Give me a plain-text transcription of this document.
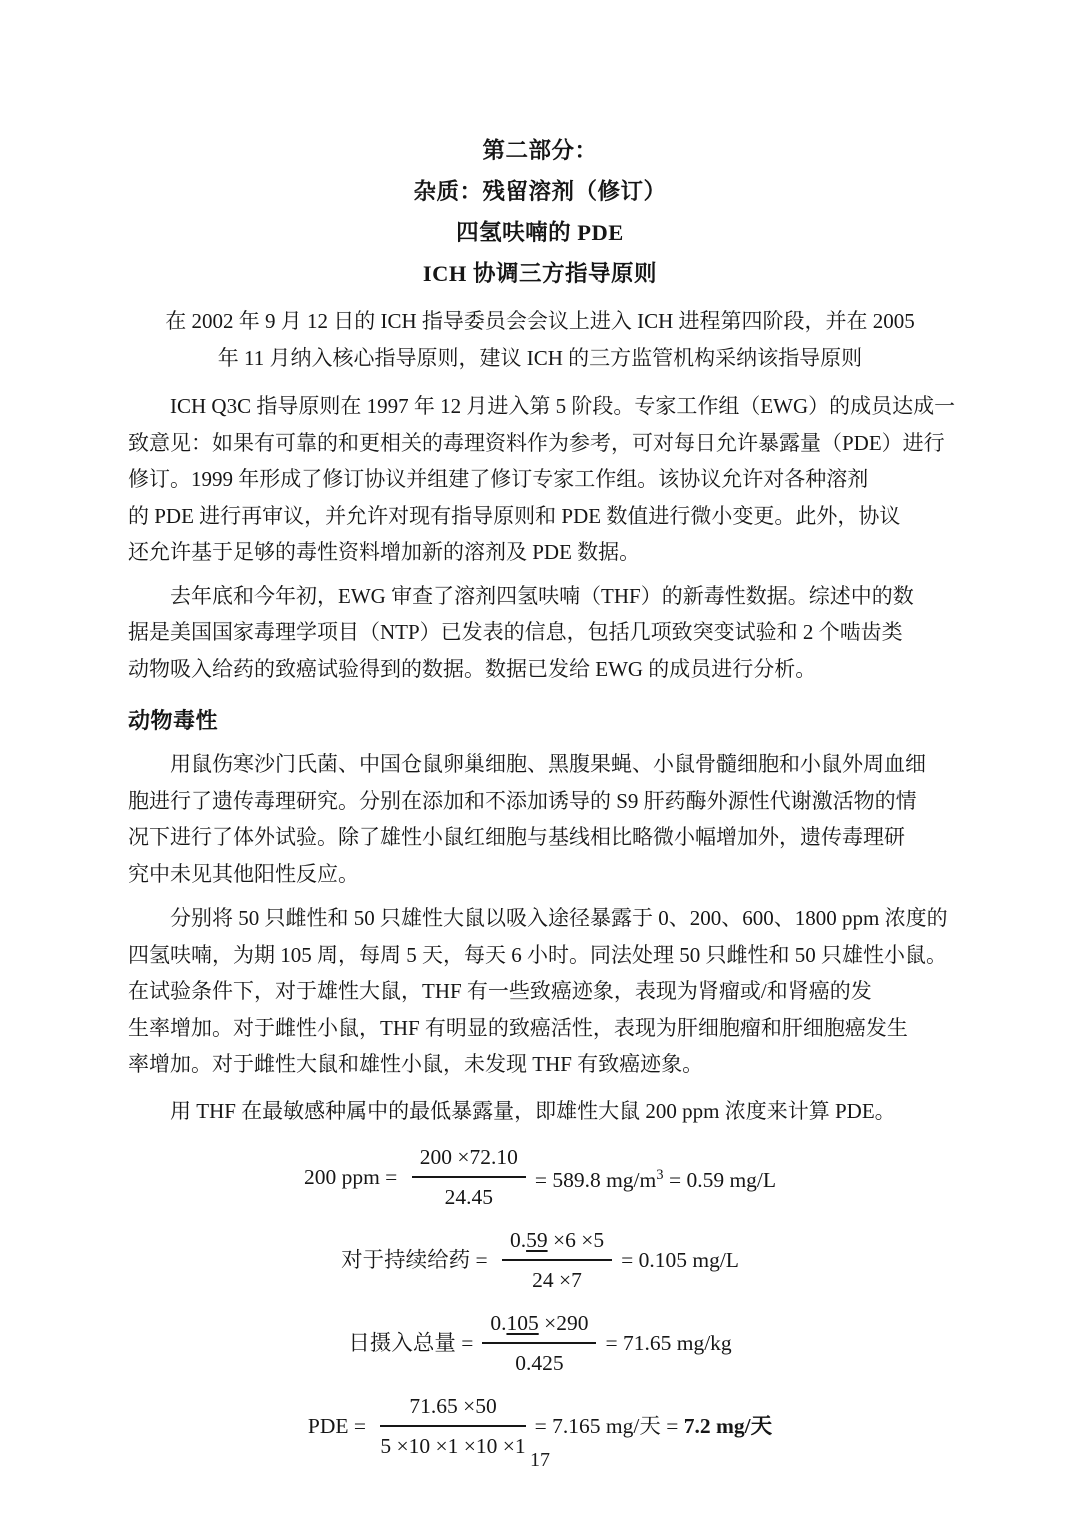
第二部分：
杂质：残留溶剂（修订）
四氢呋喃的 PDE
ICH 协调三方指导原则
在 2002 年 9 月 12 日的 ICH 指导委员会会议上进入 ICH 进程第四阶段，并在 2005
年 11 月纳入核心指导原则，建议 ICH 的三方监管机构采纳该指导原则
ICH Q3C 指导原则在 1997 年 12 月进入第 5 阶段。专家工作组（EWG）的成员达成一
致意见：如果有可靠的和更相关的毒理资料作为参考，可对每日允许暴露量（PDE）进行
修订。1999 年形成了修订协议并组建了修订专家工作组。该协议允许对各种溶剂
的 PDE 进行再审议，并允许对现有指导原则和 PDE 数值进行微小变更。此外，协议
还允许基于足够的毒性资料增加新的溶剂及 PDE 数据。
去年底和今年初，EWG 审查了溶剂四氢呋喃（THF）的新毒性数据。综述中的数
据是美国国家毒理学项目（NTP）已发表的信息，包括几项致突变试验和 2 个啮齿类
动物吸入给药的致癌试验得到的数据。数据已发给 EWG 的成员进行分析。
动物毒性
用鼠伤寒沙门氏菌、中国仓鼠卵巢细胞、黑腹果蝇、小鼠骨髓细胞和小鼠外周血细
胞进行了遗传毒理研究。分别在添加和不添加诱导的 S9 肝药酶外源性代谢激活物的情
况下进行了体外试验。除了雄性小鼠红细胞与基线相比略微小幅增加外，遗传毒理研
究中未见其他阳性反应。
分别将 50 只雌性和 50 只雄性大鼠以吸入途径暴露于 0、200、600、1800 ppm 浓度的
四氢呋喃，为期 105 周，每周 5 天，每天 6 小时。同法处理 50 只雌性和 50 只雄性小鼠。
在试验条件下，对于雄性大鼠，THF 有一些致癌迹象，表现为肾瘤或/和肾癌的发
生率增加。对于雌性小鼠，THF 有明显的致癌活性，表现为肝细胞瘤和肝细胞癌发生
率增加。对于雌性大鼠和雄性小鼠，未发现 THF 有致癌迹象。
用 THF 在最敏感种属中的最低暴露量，即雄性大鼠 200 ppm 浓度来计算 PDE。
200 ppm = $\frac{200 \times 72.10}{24.45} = 589.8$ $mg/m^3 = 0.59$ mg/L
对于持续给药 = $\frac{0.59 \times 6 \times 5}{24 \times 7} = 0.105$ mg/L
日摄入总量 = $\frac{0.105 \times 290}{0.425} = 71.65$ mg/kg
PDE = $\frac{71.65 \times 50}{5 \times 10 \times 1 \times 10 \times 1} = 7.165$ mg/天 = 7.2 mg/天
17
